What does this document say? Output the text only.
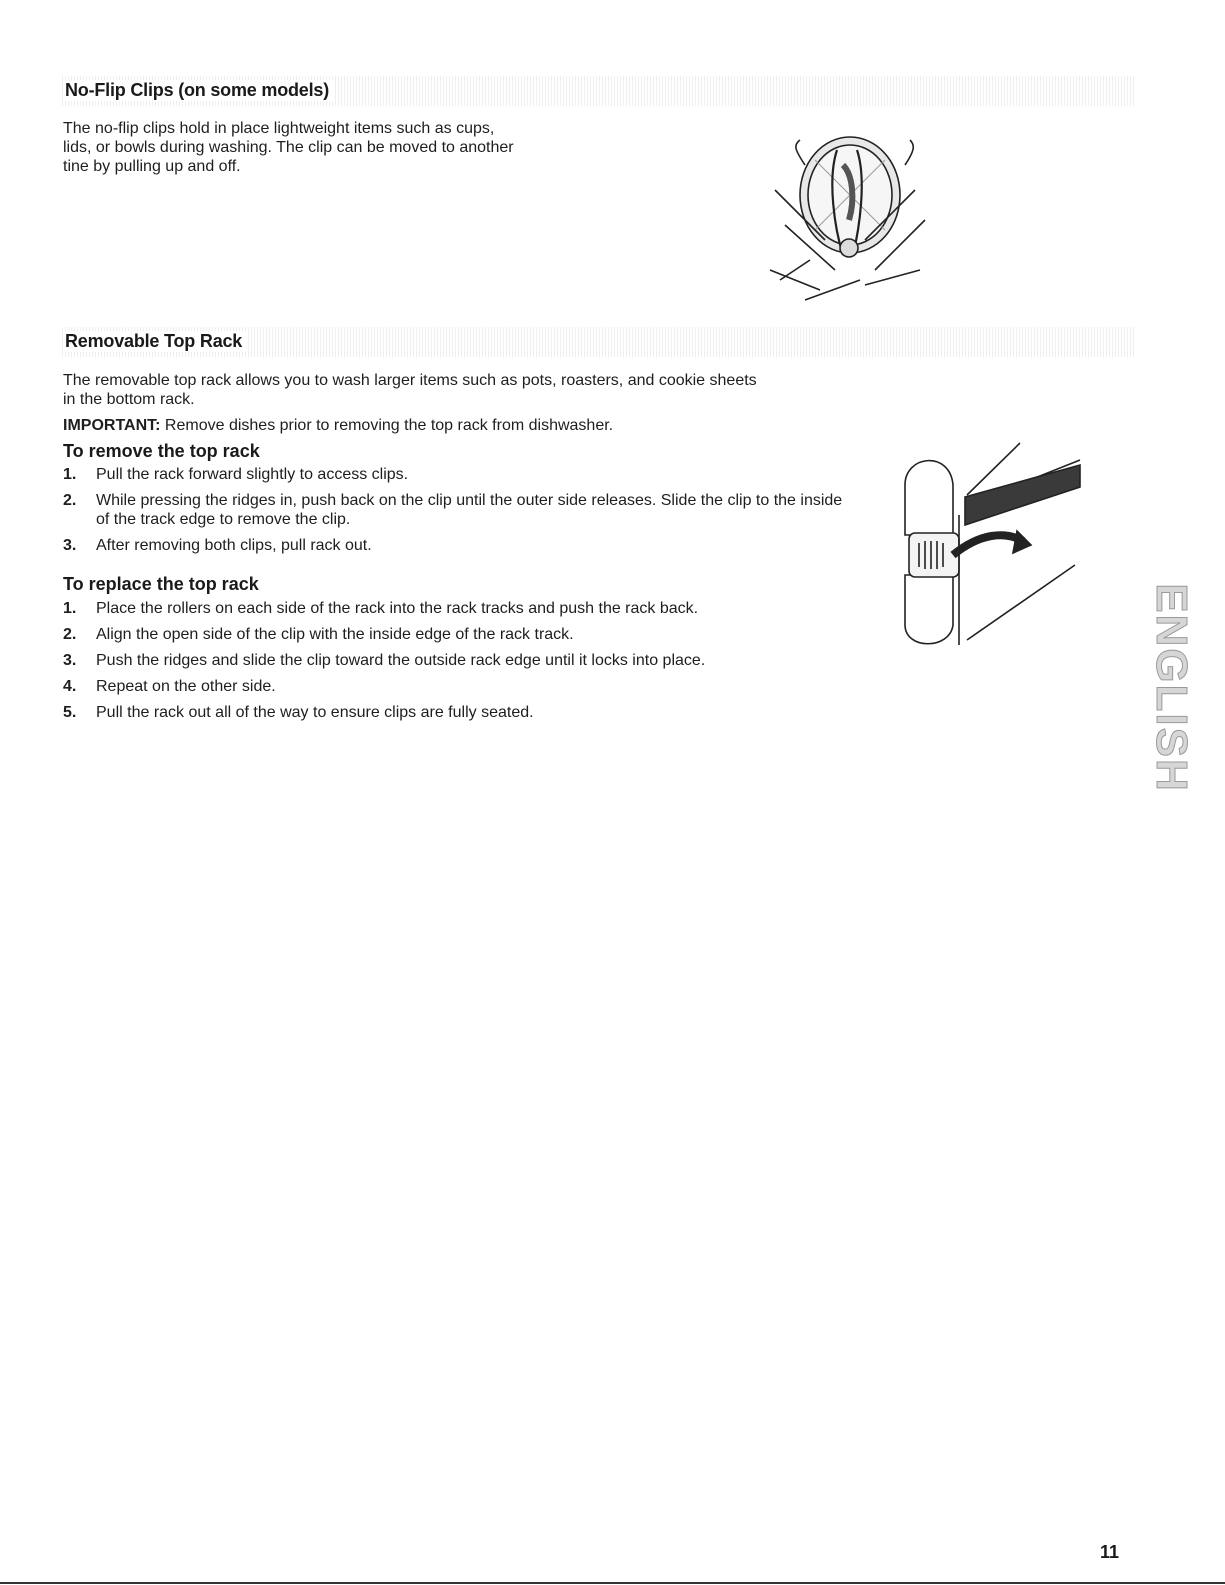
No-Flip Clips (on some models)
The no-flip clips hold in place lightweight items such as cups,
lids, or bowls during washing. The clip can be moved to another
tine by pulling up and off.
Removable Top Rack
The removable top rack allows you to wash larger items such as pots, roasters, and cookie sheets
in the bottom rack.
IMPORTANT: Remove dishes prior to removing the top rack from dishwasher.
To remove the top rack
1. Pull the rack forward slightly to access clips.
2. While pressing the ridges in, push back on the clip until the outer side releases. Slide the clip to the inside of the track edge to remove the clip.
3. After removing both clips, pull rack out.
To replace the top rack
1. Place the rollers on each side of the rack into the rack tracks and push the rack back.
2. Align the open side of the clip with the inside edge of the rack track.
3. Push the ridges and slide the clip toward the outside rack edge until it locks into place.
4. Repeat on the other side.
5. Pull the rack out all of the way to ensure clips are fully seated.	ENGLISH
11
